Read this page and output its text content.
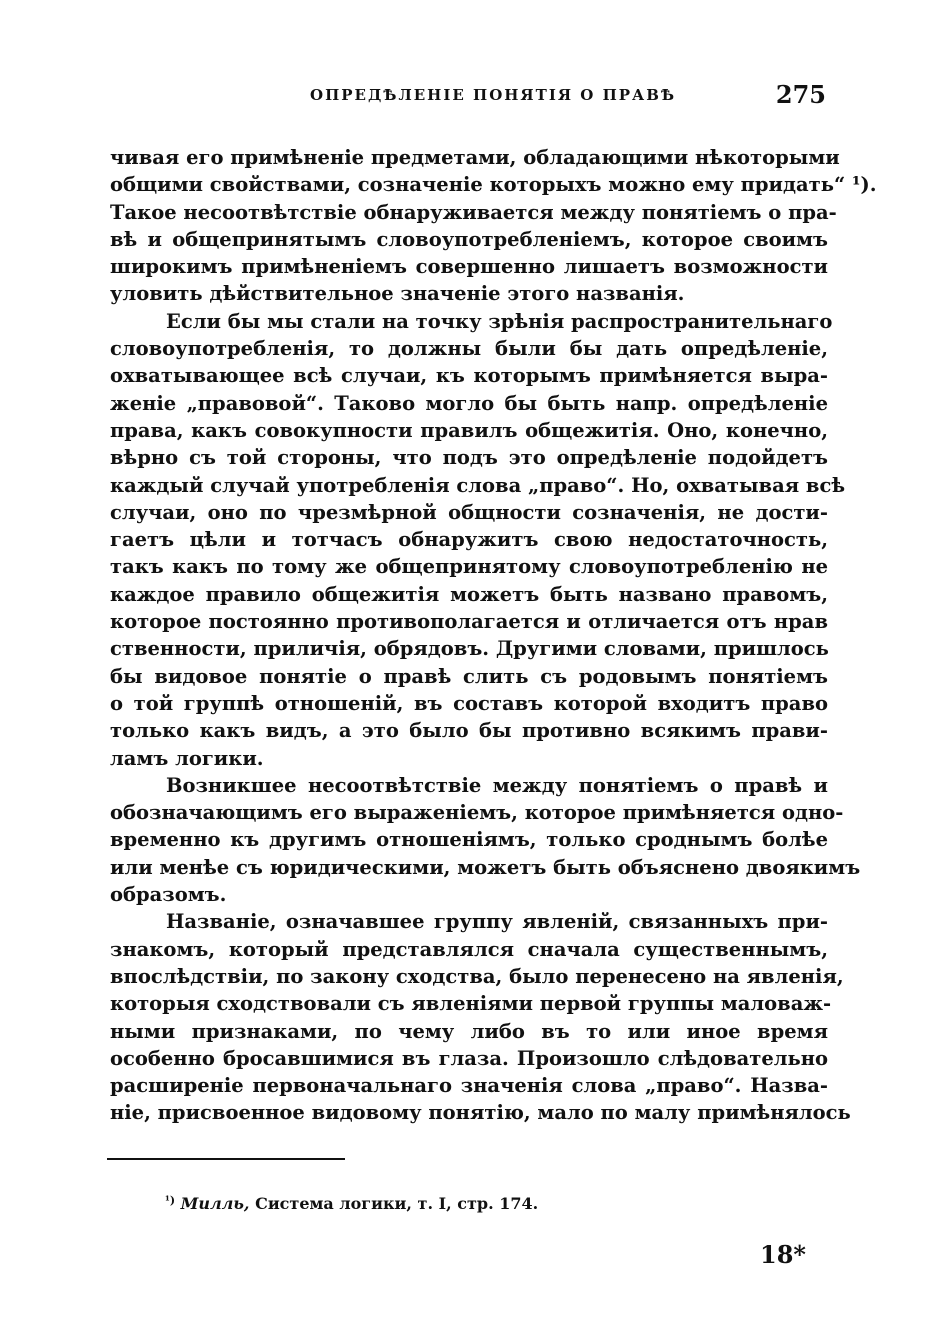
ОПРЕДѢЛЕНІЕ ПОНЯТІЯ О ПРАВѢ	275
чивая его примѣненіе предметами, обладающими нѣкоторыми
общими свойствами, созначеніе которыхъ можно ему придать“ ¹).
Такое несоотвѣтствіе обнаруживается между понятіемъ о пра-
вѣ и общепринятымъ словоупотребленіемъ, которое своимъ
широкимъ примѣненіемъ совершенно лишаетъ возможности
уловить дѣйствительное значеніе этого названія.
Если бы мы стали на точку зрѣнія распространительнаго
словоупотребленія, то должны были бы дать опредѣленіе,
охватывающее всѣ случаи, къ которымъ примѣняется выра-
женіе „правовой“. Таково могло бы быть напр. опредѣленіе
права, какъ совокупности правилъ общежитія. Оно, конечно,
вѣрно съ той стороны, что подъ это опредѣленіе подойдетъ
каждый случай употребленія слова „право“. Но, охватывая всѣ
случаи, оно по чрезмѣрной общности созначенія, не дости-
гаетъ цѣли и тотчасъ обнаружитъ свою недостаточность,
такъ какъ по тому же общепринятому словоупотребленію не
каждое правило общежитія можетъ быть названо правомъ,
которое постоянно противополагается и отличается отъ нрав
ственности, приличія, обрядовъ. Другими словами, пришлось
бы видовое понятіе о правѣ слить съ родовымъ понятіемъ
о той группѣ отношеній, въ составъ которой входитъ право
только какъ видъ, а это было бы противно всякимъ прави-
ламъ логики.
Возникшее несоотвѣтствіе между понятіемъ о правѣ и
обозначающимъ его выраженіемъ, которое примѣняется одно-
временно къ другимъ отношеніямъ, только сроднымъ болѣе
или менѣе съ юридическими, можетъ быть объяснено двоякимъ
образомъ.
Названіе, означавшее группу явленій, связанныхъ при-
знакомъ, который представлялся сначала существеннымъ,
впослѣдствіи, по закону сходства, было перенесено на явленія,
которыя сходствовали съ явленіями первой группы маловаж-
ными признаками, по чему либо въ то или иное время
особенно бросавшимися въ глаза. Произошло слѣдовательно
расширеніе первоначальнаго значенія слова „право“. Назва-
ніе, присвоенное видовому понятію, мало по малу примѣнялось
$^{^1)}$ Милль, Система логики, т. I, стр. 174.
18*
